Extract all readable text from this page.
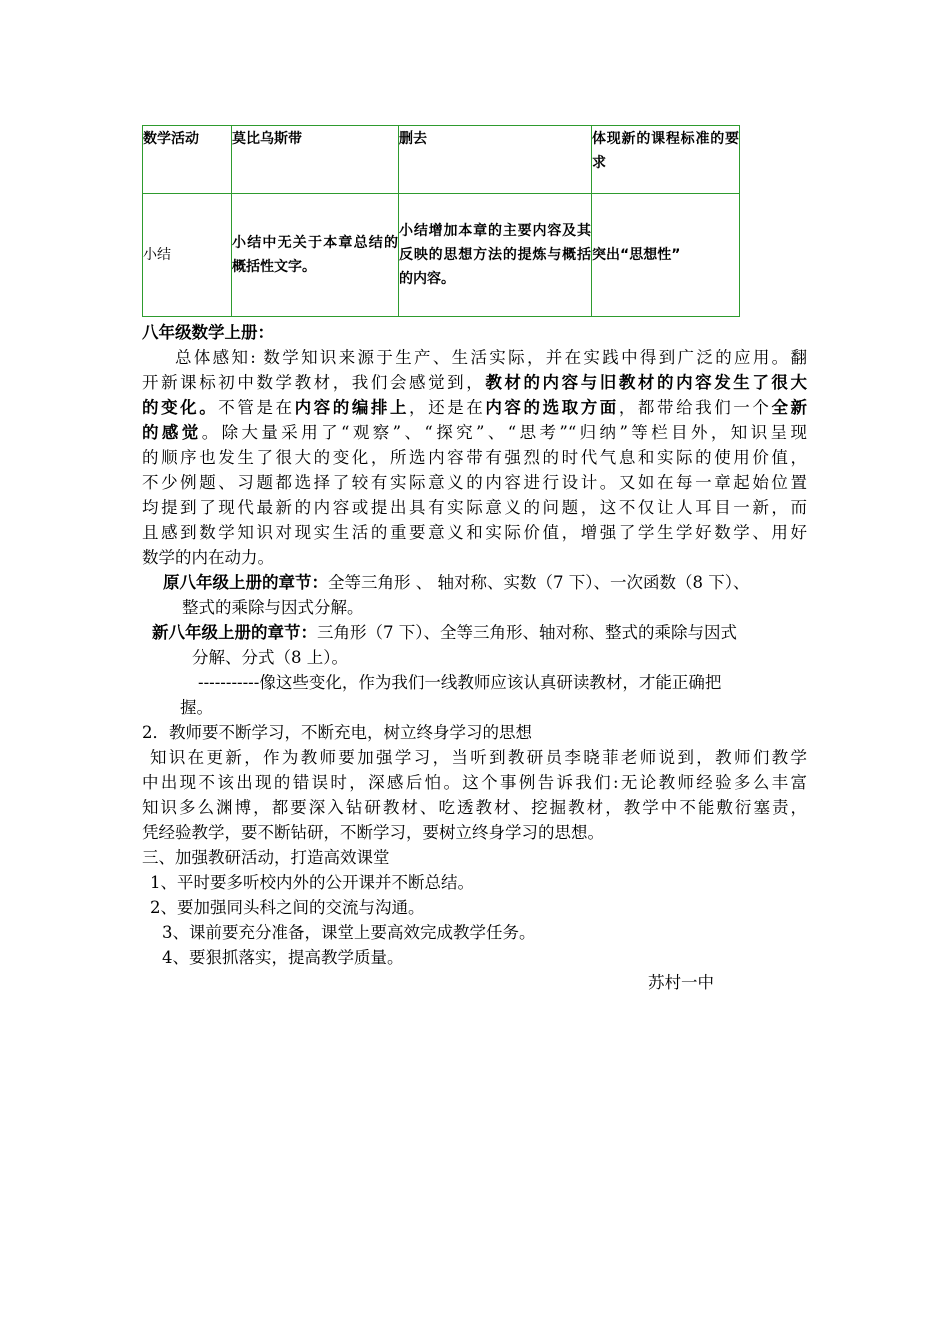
数学活动	莫比乌斯带	删去	体现新的课程标准的要求
小结	小结中无关于本章总结的概括性文字。	小结增加本章的主要内容及其反映的思想方法的提炼与概括的内容。	突出“思想性”
八年级数学上册：
总体感知: 数学知识来源于生产、生活实际，并在实践中得到广泛的应用。翻
开新课标初中数学教材，我们会感觉到，教材的内容与旧教材的内容发生了很大
的变化。不管是在内容的编排上，还是在内容的选取方面，都带给我们一个全新
的感觉。除大量采用了“观察”、“探究”、“思考”“归纳”等栏目外，知识呈现
的顺序也发生了很大的变化，所选内容带有强烈的时代气息和实际的使用价值，
不少例题、习题都选择了较有实际意义的内容进行设计。又如在每一章起始位置
均提到了现代最新的内容或提出具有实际意义的问题，这不仅让人耳目一新，而
且感到数学知识对现实生活的重要意义和实际价值，增强了学生学好数学、用好
数学的内在动力。
原八年级上册的章节：全等三角形 、 轴对称、实数（7 下）、一次函数（8 下）、
整式的乘除与因式分解。
新八年级上册的章节：三角形（7 下）、全等三角形、轴对称、整式的乘除与因式
分解、分式（8 上）。
-----------像这些变化，作为我们一线教师应该认真研读教材，才能正确把
握。
2．教师要不断学习，不断充电，树立终身学习的思想
知识在更新，作为教师要加强学习，当听到教研员李晓菲老师说到，教师们教学
中出现不该出现的错误时，深感后怕。这个事例告诉我们:无论教师经验多么丰富
知识多么渊博，都要深入钻研教材、吃透教材、挖掘教材，教学中不能敷衍塞责，
凭经验教学，要不断钻研，不断学习，要树立终身学习的思想。
三、加强教研活动，打造高效课堂
1、平时要多听校内外的公开课并不断总结。
2、要加强同头科之间的交流与沟通。
3、课前要充分准备，课堂上要高效完成教学任务。
4、要狠抓落实，提高教学质量。
苏村一中
